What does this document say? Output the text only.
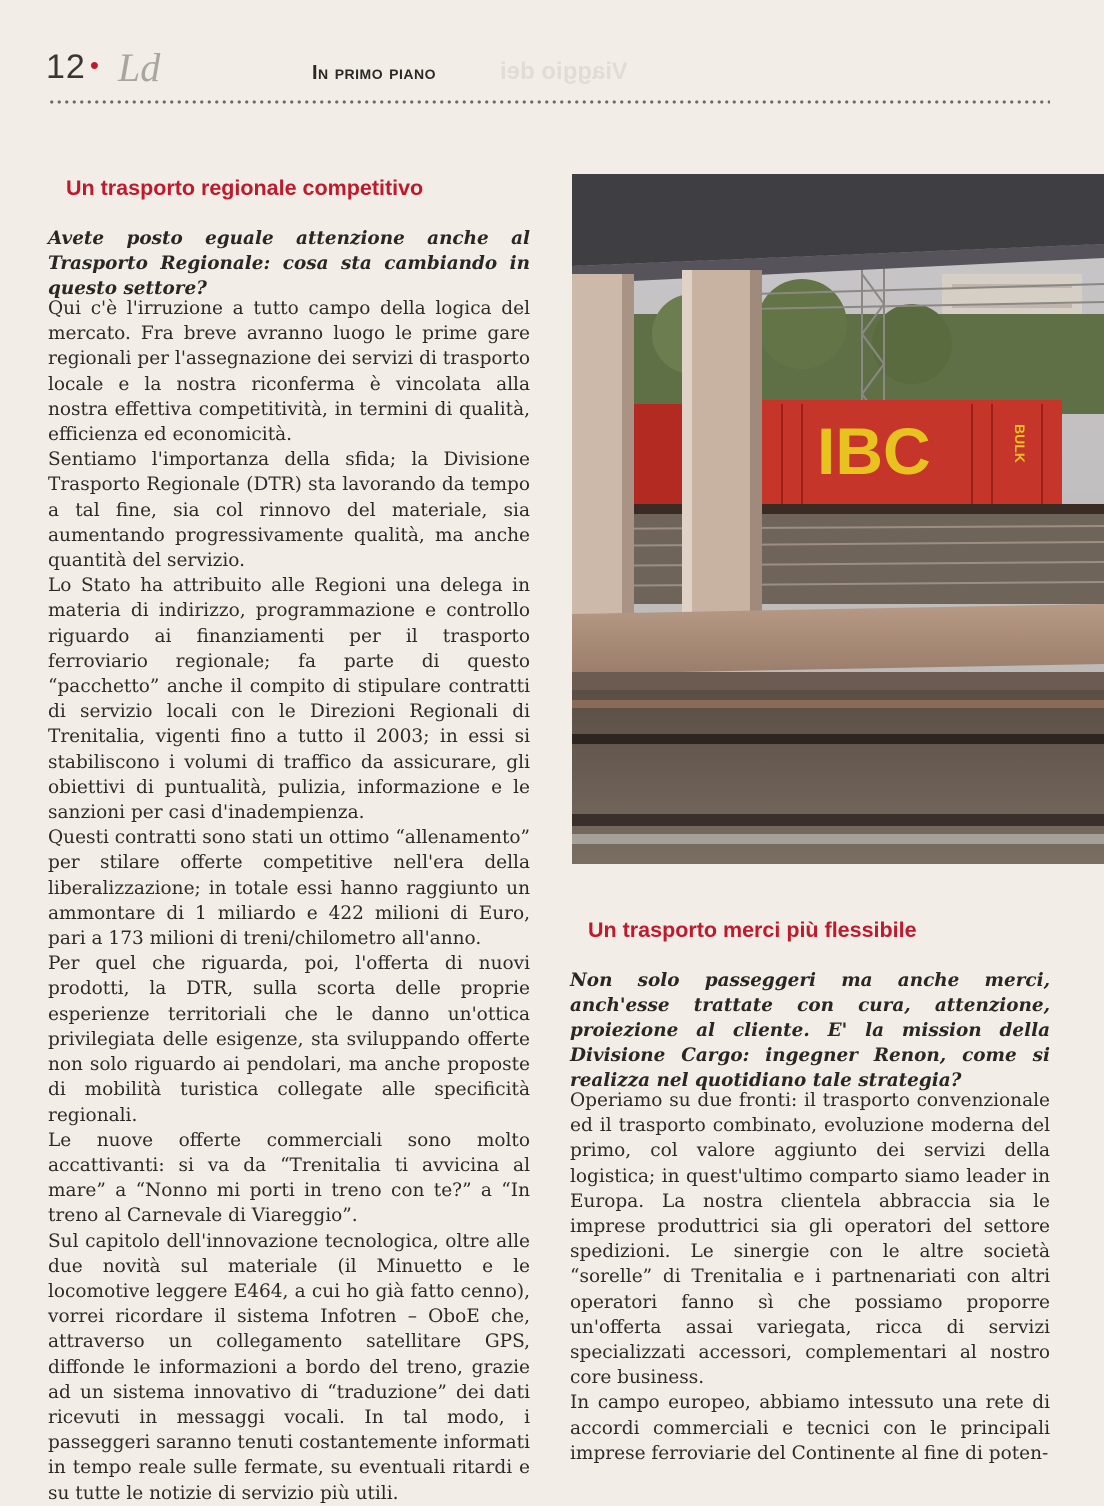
12 • Ld	In primo piano	Viaggio dei
Un trasporto regionale competitivo

Avete posto eguale attenzione anche al Trasporto Regionale: cosa sta cambiando in questo settore?

Qui c'è l'irruzione a tutto campo della logica del mercato. Fra breve avranno luogo le prime gare regionali per l'assegnazione dei servizi di trasporto locale e la nostra riconferma è vincolata alla nostra effettiva competitività, in termini di qualità, efficienza ed economicità.

Sentiamo l'importanza della sfida; la Divisione Trasporto Regionale (DTR) sta lavorando da tempo a tal fine, sia col rinnovo del materiale, sia aumentando progressivamente qualità, ma anche quantità del servizio.

Lo Stato ha attribuito alle Regioni una delega in materia di indirizzo, programmazione e controllo riguardo ai finanziamenti per il trasporto ferroviario regionale; fa parte di questo “pacchetto” anche il compito di stipulare contratti di servizio locali con le Direzioni Regionali di Trenitalia, vigenti fino a tutto il 2003; in essi si stabiliscono i volumi di traffico da assicurare, gli obiettivi di puntualità, pulizia, informazione e le sanzioni per casi d'inadempienza.

Questi contratti sono stati un ottimo “allenamento” per stilare offerte competitive nell'era della liberalizzazione; in totale essi hanno raggiunto un ammontare di 1 miliardo e 422 milioni di Euro, pari a 173 milioni di treni/chilometro all'anno.

Per quel che riguarda, poi, l'offerta di nuovi prodotti, la DTR, sulla scorta delle proprie esperienze territoriali che le danno un'ottica privilegiata delle esigenze, sta sviluppando offerte non solo riguardo ai pendolari, ma anche proposte di mobilità turistica collegate alle specificità regionali.

Le nuove offerte commerciali sono molto accattivanti: si va da “Trenitalia ti avvicina al mare” a “Nonno mi porti in treno con te?” a “In treno al Carnevale di Viareggio”.

Sul capitolo dell'innovazione tecnologica, oltre alle due novità sul materiale (il Minuetto e le locomotive leggere E464, a cui ho già fatto cenno), vorrei ricordare il sistema Infotren – OboE che, attraverso un collegamento satellitare GPS, diffonde le informazioni a bordo del treno, grazie ad un sistema innovativo di “traduzione” dei dati ricevuti in messaggi vocali. In tal modo, i passeggeri saranno tenuti costantemente informati in tempo reale sulle fermate, su eventuali ritardi e su tutte le notizie di servizio più utili.

IBC	BULK
Un trasporto merci più flessibile

Non solo passeggeri ma anche merci, anch'esse trattate con cura, attenzione, proiezione al cliente. E' la mission della Divisione Cargo: ingegner Renon, come si realizza nel quotidiano tale strategia?

Operiamo su due fronti: il trasporto convenzionale ed il trasporto combinato, evoluzione moderna del primo, col valore aggiunto dei servizi della logistica; in quest'ultimo comparto siamo leader in Europa. La nostra clientela abbraccia sia le imprese produttrici sia gli operatori del settore spedizioni. Le sinergie con le altre società “sorelle” di Trenitalia e i partnenariati con altri operatori fanno sì che possiamo proporre un'offerta assai variegata, ricca di servizi specializzati accessori, complementari al nostro core business.

In campo europeo, abbiamo intessuto una rete di accordi commerciali e tecnici con le principali imprese ferroviarie del Continente al fine di poten-
